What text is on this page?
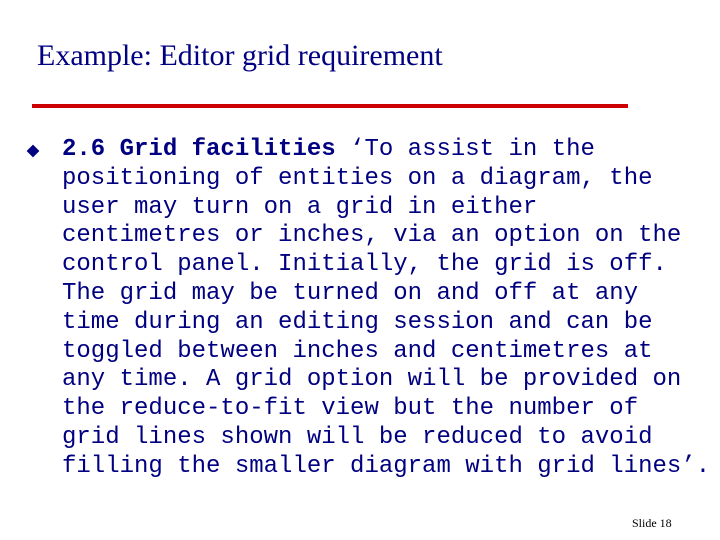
Example: Editor grid requirement

2.6 Grid facilities ‘To assist in the
positioning of entities on a diagram, the
user may turn on a grid in either
centimetres or inches, via an option on the
control panel. Initially, the grid is off.
The grid may be turned on and off at any
time during an editing session and can be
toggled between inches and centimetres at
any time. A grid option will be provided on
the reduce-to-fit view but the number of
grid lines shown will be reduced to avoid
filling the smaller diagram with grid lines’.

Slide 18
